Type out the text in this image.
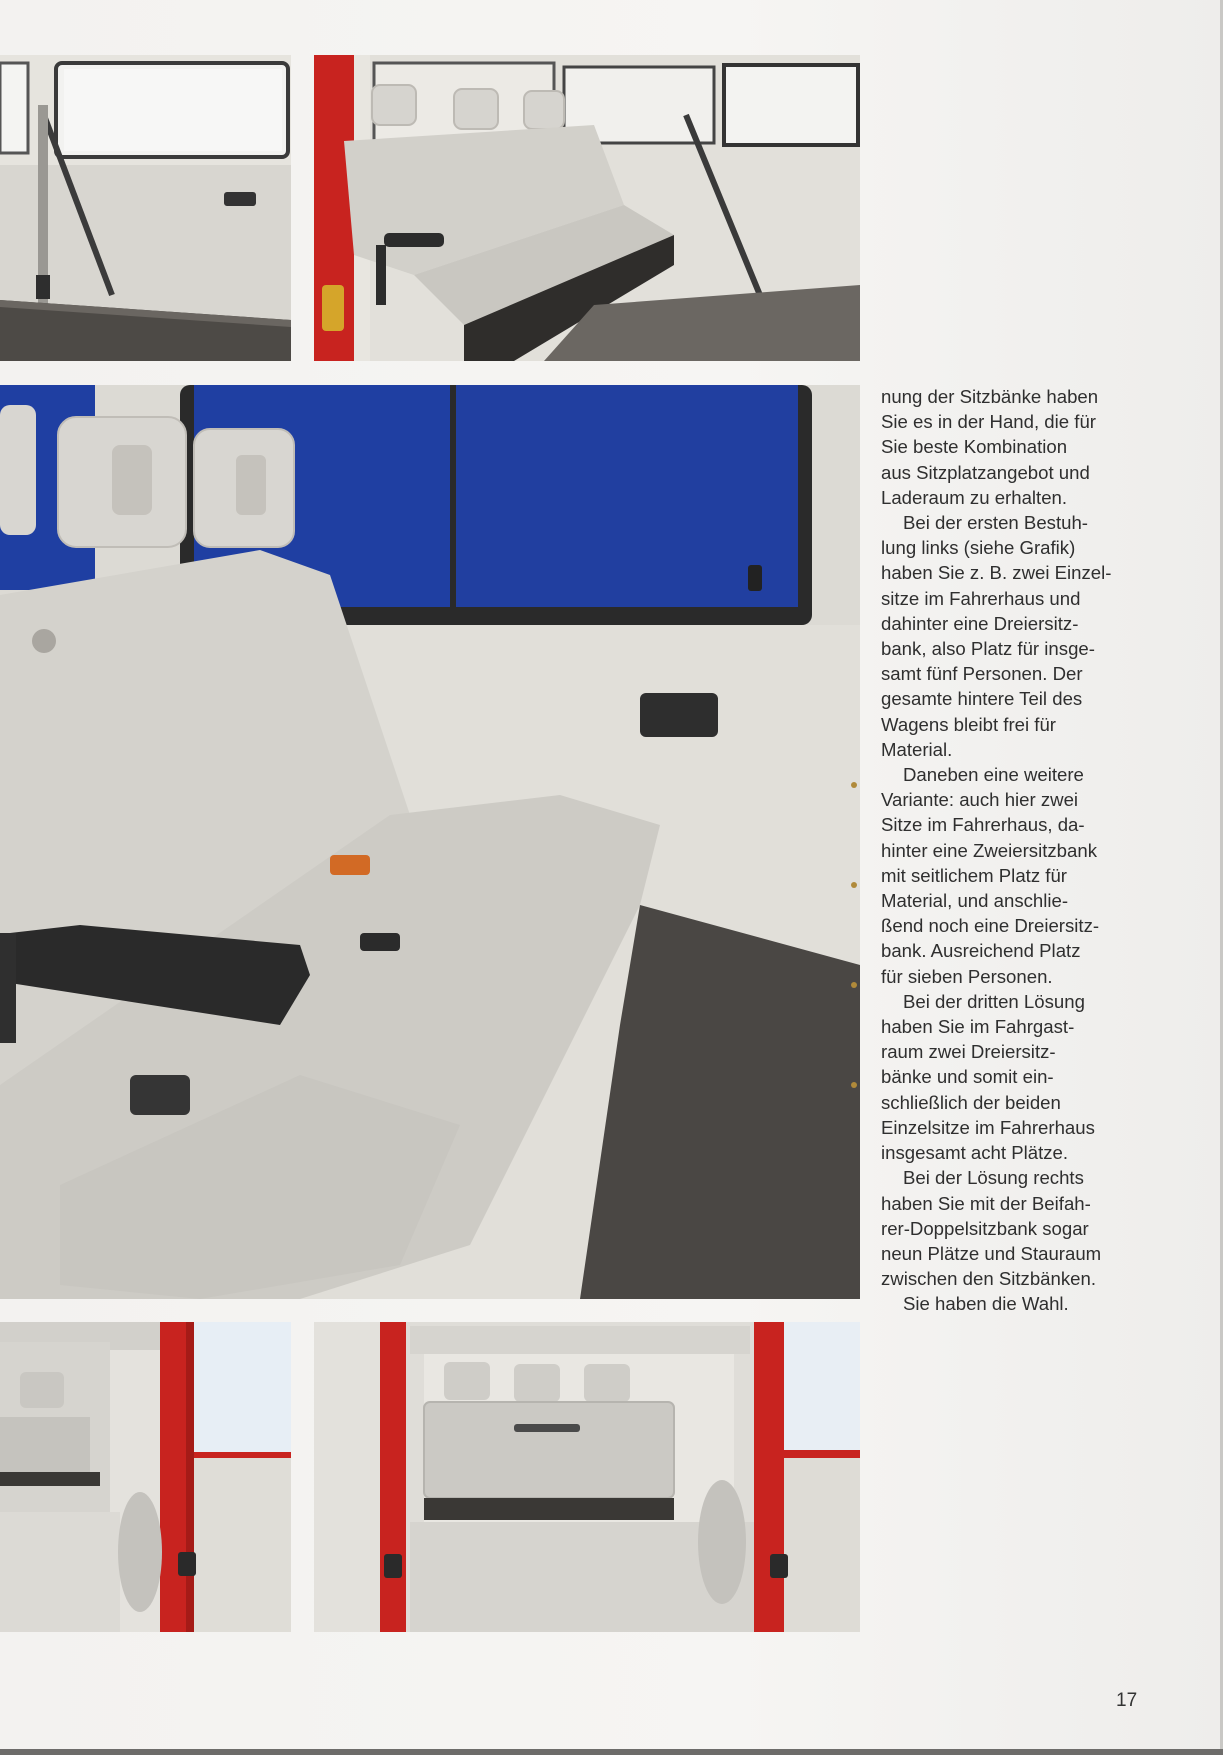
nung der Sitzbänke haben
Sie es in der Hand, die für
Sie beste Kombination
aus Sitzplatzangebot und
Laderaum zu erhalten.
Bei der ersten Bestuh-
lung links (siehe Grafik)
haben Sie z. B. zwei Einzel-
sitze im Fahrerhaus und
dahinter eine Dreiersitz-
bank, also Platz für insge-
samt fünf Personen. Der
gesamte hintere Teil des
Wagens bleibt frei für
Material.
Daneben eine weitere
Variante: auch hier zwei
Sitze im Fahrerhaus, da-
hinter eine Zweiersitzbank
mit seitlichem Platz für
Material, und anschlie-
ßend noch eine Dreiersitz-
bank. Ausreichend Platz
für sieben Personen.
Bei der dritten Lösung
haben Sie im Fahrgast-
raum zwei Dreiersitz-
bänke und somit ein-
schließlich der beiden
Einzelsitze im Fahrerhaus
insgesamt acht Plätze.
Bei der Lösung rechts
haben Sie mit der Beifah-
rer-Doppelsitzbank sogar
neun Plätze und Stauraum
zwischen den Sitzbänken.
Sie haben die Wahl.
17
